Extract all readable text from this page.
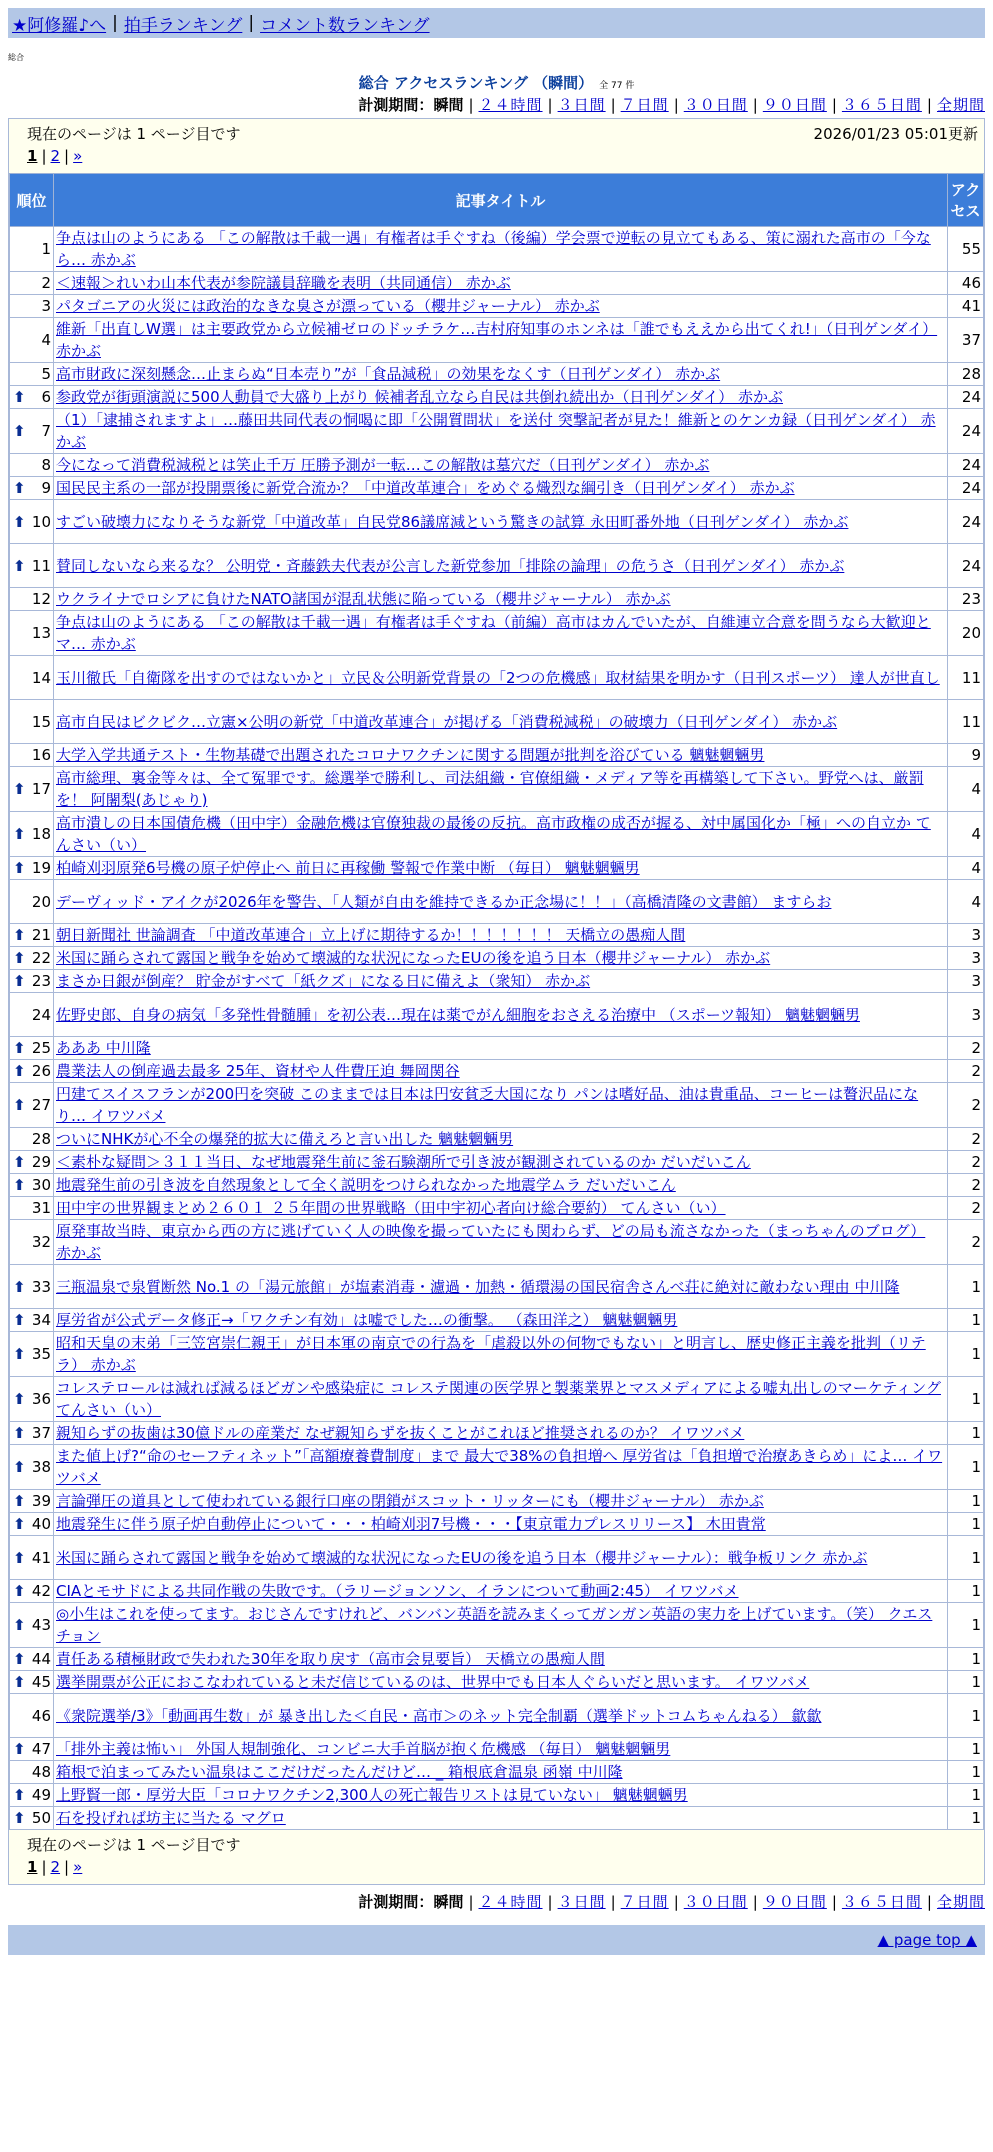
★阿修羅♪へ | 拍手ランキング | コメント数ランキング
総合
総合 アクセスランキング （瞬間） 全 77 件
計測期間：瞬間 | ２４時間 | ３日間 | ７日間 | ３０日間 | ９０日間 | ３６５日間 | 全期間
現在のページは 1 ページ目です	2026/01/23 05:01更新
1 | 2 | »
順位	記事タイトル	アクセス
1	争点は山のようにある 「この解散は千載一遇」有権者は手ぐすね（後編）学会票で逆転の見立てもある、策に溺れた高市の「今なら… 赤かぶ	55
2	＜速報＞れいわ山本代表が参院議員辞職を表明（共同通信） 赤かぶ	46
3	パタゴニアの火災には政治的なきな臭さが漂っている（櫻井ジャーナル） 赤かぶ	41
4	維新「出直しW選」は主要政党から立候補ゼロのドッチラケ…吉村府知事のホンネは「誰でもええから出てくれ!」（日刊ゲンダイ） 赤かぶ	37
5	高市財政に深刻懸念…止まらぬ“日本売り”が「食品減税」の効果をなくす（日刊ゲンダイ） 赤かぶ	28

⬆ 6	参政党が街頭演説に500人動員で大盛り上がり 候補者乱立なら自民は共倒れ続出か（日刊ゲンダイ） 赤かぶ	24

⬆ 7	（1）「逮捕されますよ」…藤田共同代表の恫喝に即「公開質問状」を送付 突撃記者が見た！維新とのケンカ録（日刊ゲンダイ） 赤かぶ	24
8	今になって消費税減税とは笑止千万 圧勝予測が一転…この解散は墓穴だ（日刊ゲンダイ） 赤かぶ	24

⬆ 9	国民民主系の一部が投開票後に新党合流か？「中道改革連合」をめぐる熾烈な綱引き（日刊ゲンダイ） 赤かぶ	24

⬆ 10	すごい破壊力になりそうな新党「中道改革」自民党86議席減という驚きの試算 永田町番外地（日刊ゲンダイ） 赤かぶ	24

⬆ 11	賛同しないなら来るな？ 公明党・斉藤鉄夫代表が公言した新党参加「排除の論理」の危うさ（日刊ゲンダイ） 赤かぶ	24
12	ウクライナでロシアに負けたNATO諸国が混乱状態に陥っている（櫻井ジャーナル） 赤かぶ	23
13	争点は山のようにある 「この解散は千載一遇」有権者は手ぐすね（前編）高市はカんでいたが、自維連立合意を問うなら大歓迎とマ… 赤かぶ	20
14	玉川徹氏「自衛隊を出すのではないかと」立民＆公明新党背景の「2つの危機感」取材結果を明かす（日刊スポーツ） 達人が世直し	11
15	高市自民はビクビク…立憲×公明の新党「中道改革連合」が掲げる「消費税減税」の破壊力（日刊ゲンダイ） 赤かぶ	11
16	大学入学共通テスト・生物基礎で出題されたコロナワクチンに関する問題が批判を浴びている 魑魅魍魎男	9

⬆ 17	高市総理、裏金等々は、全て冤罪です。総選挙で勝利し、司法組織・官僚組織・メディア等を再構築して下さい。野党へは、厳罰を！ 阿闍梨(あじゃり)	4

⬆ 18	高市潰しの日本国債危機（田中宇）金融危機は官僚独裁の最後の反抗。高市政権の成否が握る、対中属国化か「極」への自立か てんさい（い）	4

⬆ 19	柏崎刈羽原発6号機の原子炉停止へ 前日に再稼働 警報で作業中断 （毎日） 魑魅魍魎男	4
20	デーヴィッド・アイクが2026年を警告、「人類が自由を維持できるか正念場に！！」（高橋清隆の文書館） ますらお	4

⬆ 21	朝日新聞社 世論調査 「中道改革連合」立上げに期待するか！！！！！！！ 天橋立の愚痴人間	3

⬆ 22	米国に踊らされて露国と戦争を始めて壊滅的な状況になったEUの後を追う日本（櫻井ジャーナル） 赤かぶ	3

⬆ 23	まさか日銀が倒産？ 貯金がすべて「紙クズ」になる日に備えよ（衆知） 赤かぶ	3
24	佐野史郎、自身の病気「多発性骨髄腫」を初公表…現在は薬でがん細胞をおさえる治療中 （スポーツ報知） 魑魅魍魎男	3

⬆ 25	あああ 中川隆	2

⬆ 26	農業法人の倒産過去最多 25年、資材や人件費圧迫 舞岡関谷	2

⬆ 27	円建てスイスフランが200円を突破 このままでは日本は円安貧乏大国になり パンは嗜好品、油は貴重品、コーヒーは贅沢品になり… イワツバメ	2
28	ついにNHKが心不全の爆発的拡大に備えろと言い出した 魑魅魍魎男	2

⬆ 29	＜素朴な疑問＞３１１当日、なぜ地震発生前に釜石験潮所で引き波が観測されているのか だいだいこん	2

⬆ 30	地震発生前の引き波を自然現象として全く説明をつけられなかった地震学ムラ だいだいこん	2
31	田中宇の世界観まとめ２６０１ ２５年間の世界戦略（田中宇初心者向け総合要約） てんさい（い）	2
32	原発事故当時、東京から西の方に逃げていく人の映像を撮っていたにも関わらず、どの局も流さなかった（まっちゃんのブログ） 赤かぶ	2

⬆ 33	三瓶温泉で泉質断然 No.1 の「湯元旅館」が塩素消毒・濾過・加熱・循環湯の国民宿舎さんべ荘に絶対に敵わない理由 中川隆	1

⬆ 34	厚労省が公式データ修正→「ワクチン有効」は嘘でした…の衝撃。 （森田洋之） 魑魅魍魎男	1

⬆ 35	昭和天皇の末弟「三笠宮崇仁親王」が日本軍の南京での行為を「虐殺以外の何物でもない」と明言し、歴史修正主義を批判（リテラ） 赤かぶ	1

⬆ 36	コレステロールは減れば減るほどガンや感染症に コレステ関連の医学界と製薬業界とマスメディアによる嘘丸出しのマーケティング てんさい（い）	1

⬆ 37	親知らずの抜歯は30億ドルの産業だ なぜ親知らずを抜くことがこれほど推奨されるのか？ イワツバメ	1

⬆ 38	また値上げ?“命のセーフティネット”「高額療養費制度」まで 最大で38%の負担増へ 厚労省は「負担増で治療あきらめ」によ… イワツバメ	1

⬆ 39	言論弾圧の道具として使われている銀行口座の閉鎖がスコット・リッターにも（櫻井ジャーナル） 赤かぶ	1

⬆ 40	地震発生に伴う原子炉自動停止について・・・柏崎刈羽7号機・・・【東京電力プレスリリース】 木田貴常	1

⬆ 41	米国に踊らされて露国と戦争を始めて壊滅的な状況になったEUの後を追う日本（櫻井ジャーナル）：戦争板リンク 赤かぶ	1

⬆ 42	CIAとモサドによる共同作戦の失敗です。（ラリージョンソン、イランについて動画2:45） イワツバメ	1

⬆ 43	◎小生はこれを使ってます。おじさんですけれど、バンバン英語を読みまくってガンガン英語の実力を上げています。（笑） クエスチョン	1

⬆ 44	責任ある積極財政で失われた30年を取り戻す（高市会見要旨） 天橋立の愚痴人間	1

⬆ 45	選挙開票が公正におこなわれていると未だ信じているのは、世界中でも日本人ぐらいだと思います。 イワツバメ	1
46	《衆院選挙/3》「動画再生数」が 暴き出した＜自民・高市＞のネット完全制覇（選挙ドットコムちゃんねる） 歙歙	1

⬆ 47	「排外主義は怖い」 外国人規制強化、コンビニ大手首脳が抱く危機感 （毎日） 魑魅魍魎男	1
48	箱根で泊まってみたい温泉はここだけだったんだけど… _ 箱根底倉温泉 函嶺 中川隆	1

⬆ 49	上野賢一郎・厚労大臣「コロナワクチン2,300人の死亡報告リストは見ていない」 魑魅魍魎男	1

⬆ 50	石を投げれば坊主に当たる マグロ	1
現在のページは 1 ページ目です
1 | 2 | »
計測期間：瞬間 | ２４時間 | ３日間 | ７日間 | ３０日間 | ９０日間 | ３６５日間 | 全期間
▲ page top ▲
